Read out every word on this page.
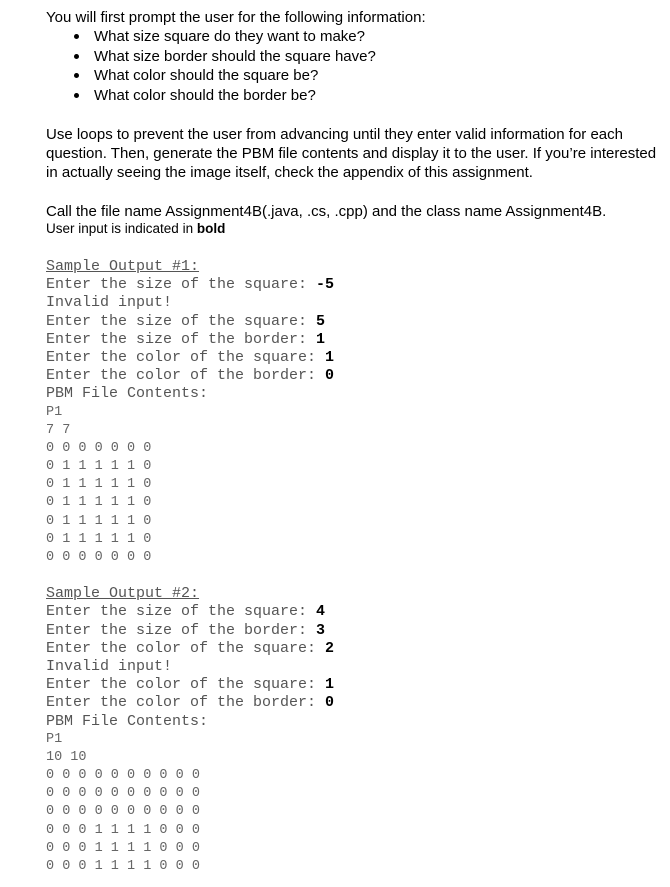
You will first prompt the user for the following information:

What size square do they want to make?
What size border should the square have?
What color should the square be?
What color should the border be?

Use loops to prevent the user from advancing until they enter valid information for each question. Then, generate the PBM file contents and display it to the user. If you’re interested in actually seeing the image itself, check the appendix of this assignment.

Call the file name Assignment4B(.java, .cs, .cpp) and the class name Assignment4B.

User input is indicated in bold

Sample Output #1:
Enter the size of the square: -5
Invalid input!
Enter the size of the square: 5
Enter the size of the border: 1
Enter the color of the square: 1
Enter the color of the border: 0
PBM File Contents:
P1
7 7
0 0 0 0 0 0 0
0 1 1 1 1 1 0
0 1 1 1 1 1 0
0 1 1 1 1 1 0
0 1 1 1 1 1 0
0 1 1 1 1 1 0
0 0 0 0 0 0 0
Sample Output #2:
Enter the size of the square: 4
Enter the size of the border: 3
Enter the color of the square: 2
Invalid input!
Enter the color of the square: 1
Enter the color of the border: 0
PBM File Contents:
P1
10 10
0 0 0 0 0 0 0 0 0 0
0 0 0 0 0 0 0 0 0 0
0 0 0 0 0 0 0 0 0 0
0 0 0 1 1 1 1 0 0 0
0 0 0 1 1 1 1 0 0 0
0 0 0 1 1 1 1 0 0 0
